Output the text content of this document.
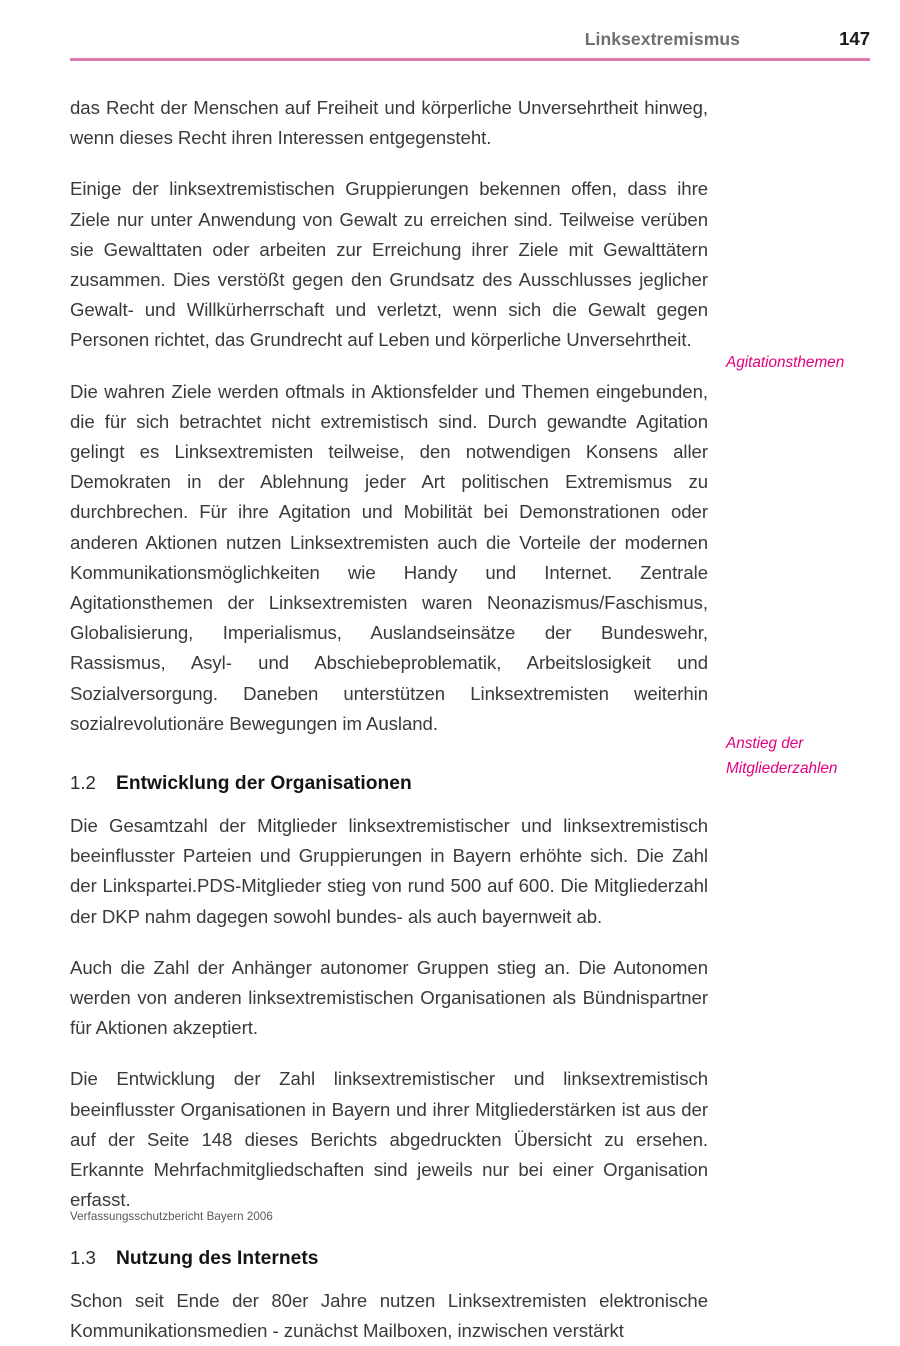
Linksextremismus	147

das Recht der Menschen auf Freiheit und körperliche Unversehrtheit hinweg, wenn dieses Recht ihren Interessen entgegensteht.

Einige der linksextremistischen Gruppierungen bekennen offen, dass ihre Ziele nur unter Anwendung von Gewalt zu erreichen sind. Teilweise verüben sie Gewalttaten oder arbeiten zur Erreichung ihrer Ziele mit Gewalttätern zusammen. Dies verstößt gegen den Grundsatz des Ausschlusses jeglicher Gewalt- und Willkürherrschaft und verletzt, wenn sich die Gewalt gegen Personen richtet, das Grundrecht auf Leben und körperliche Unversehrtheit.

Die wahren Ziele werden oftmals in Aktionsfelder und Themen eingebunden, die für sich betrachtet nicht extremistisch sind. Durch gewandte Agitation gelingt es Linksextremisten teilweise, den notwendigen Konsens aller Demokraten in der Ablehnung jeder Art politischen Extremismus zu durchbrechen. Für ihre Agitation und Mobilität bei Demonstrationen oder anderen Aktionen nutzen Linksextremisten auch die Vorteile der modernen Kommunikationsmöglichkeiten wie Handy und Internet. Zentrale Agitationsthemen der Linksextremisten waren Neonazismus/Faschismus, Globalisierung, Imperialismus, Auslandseinsätze der Bundeswehr, Rassismus, Asyl- und Abschiebeproblematik, Arbeitslosigkeit und Sozialversorgung. Daneben unterstützen Linksextremisten weiterhin sozialrevolutionäre Bewegungen im Ausland.

1.2	Entwicklung der Organisationen

Die Gesamtzahl der Mitglieder linksextremistischer und linksextremistisch beeinflusster Parteien und Gruppierungen in Bayern erhöhte sich. Die Zahl der Linkspartei.PDS-Mitglieder stieg von rund 500 auf 600. Die Mitgliederzahl der DKP nahm dagegen sowohl bundes- als auch bayernweit ab.

Auch die Zahl der Anhänger autonomer Gruppen stieg an. Die Autonomen werden von anderen linksextremistischen Organisationen als Bündnispartner für Aktionen akzeptiert.

Die Entwicklung der Zahl linksextremistischer und linksextremistisch beeinflusster Organisationen in Bayern und ihrer Mitgliederstärken ist aus der auf der Seite 148 dieses Berichts abgedruckten Übersicht zu ersehen. Erkannte Mehrfachmitgliedschaften sind jeweils nur bei einer Organisation erfasst.

1.3	Nutzung des Internets

Schon seit Ende der 80er Jahre nutzen Linksextremisten elektronische Kommunikationsmedien - zunächst Mailboxen, inzwischen verstärkt

Agitationsthemen
Anstieg der
Mitgliederzahlen
Verfassungsschutzbericht Bayern 2006
